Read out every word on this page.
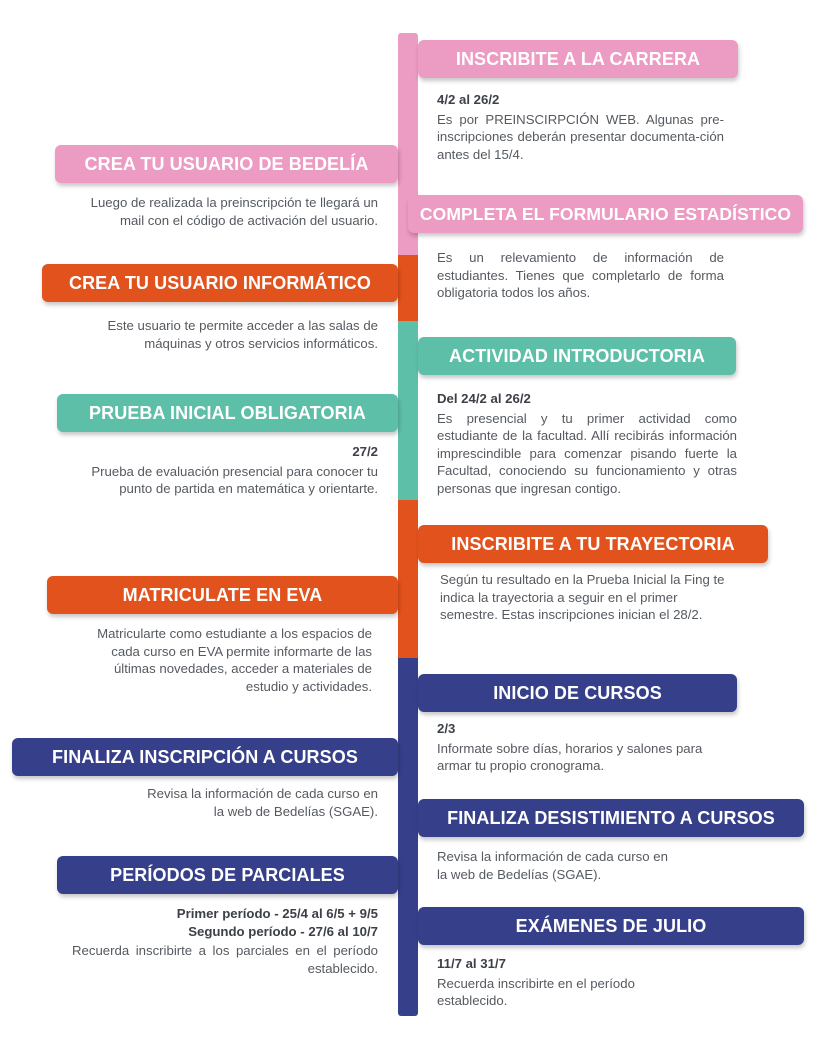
INSCRIBITE A LA CARRERA
4/2 al 26/2
Es por PREINSCIRPCIÓN WEB. Algunas pre-inscripciones deberán presentar documenta-ción antes del 15/4.
CREA TU USUARIO DE BEDELÍA
Luego de realizada la preinscripción te llegará un mail con el código de activación del usuario.	COMPLETA EL FORMULARIO ESTADÍSTICO
Es un relevamiento de información de estudiantes. Tienes que completarlo de forma obligatoria todos los años.
CREA TU USUARIO INFORMÁTICO
Este usuario te permite acceder a las salas de máquinas y otros servicios informáticos.
ACTIVIDAD INTRODUCTORIA
Del 24/2 al 26/2
Es presencial y tu primer actividad como estudiante de la facultad. Allí recibirás información imprescindible para comenzar pisando fuerte la Facultad, conociendo su funcionamiento y otras personas que ingresan contigo.
PRUEBA INICIAL OBLIGATORIA
27/2
Prueba de evaluación presencial para conocer tu punto de partida en matemática y orientarte.
INSCRIBITE A TU TRAYECTORIA
Según tu resultado en la Prueba Inicial la Fing te indica la trayectoria a seguir en el primer semestre. Estas inscripciones inician el 28/2.
MATRICULATE EN EVA
Matricularte como estudiante a los espacios de cada curso en EVA permite informarte de las últimas novedades, acceder a materiales de estudio y actividades.	INICIO DE CURSOS
2/3
Informate sobre días, horarios y salones para armar tu propio cronograma.
FINALIZA INSCRIPCIÓN A CURSOS
Revisa la información de cada curso en la web de Bedelías (SGAE).	FINALIZA DESISTIMIENTO A CURSOS
Revisa la información de cada curso en la web de Bedelías (SGAE).
PERÍODOS DE PARCIALES
Primer período - 25/4 al 6/5 + 9/5
Segundo período - 27/6 al 10/7
Recuerda inscribirte a los parciales en el período establecido.
EXÁMENES DE JULIO
11/7 al 31/7
Recuerda inscribirte en el período establecido.
